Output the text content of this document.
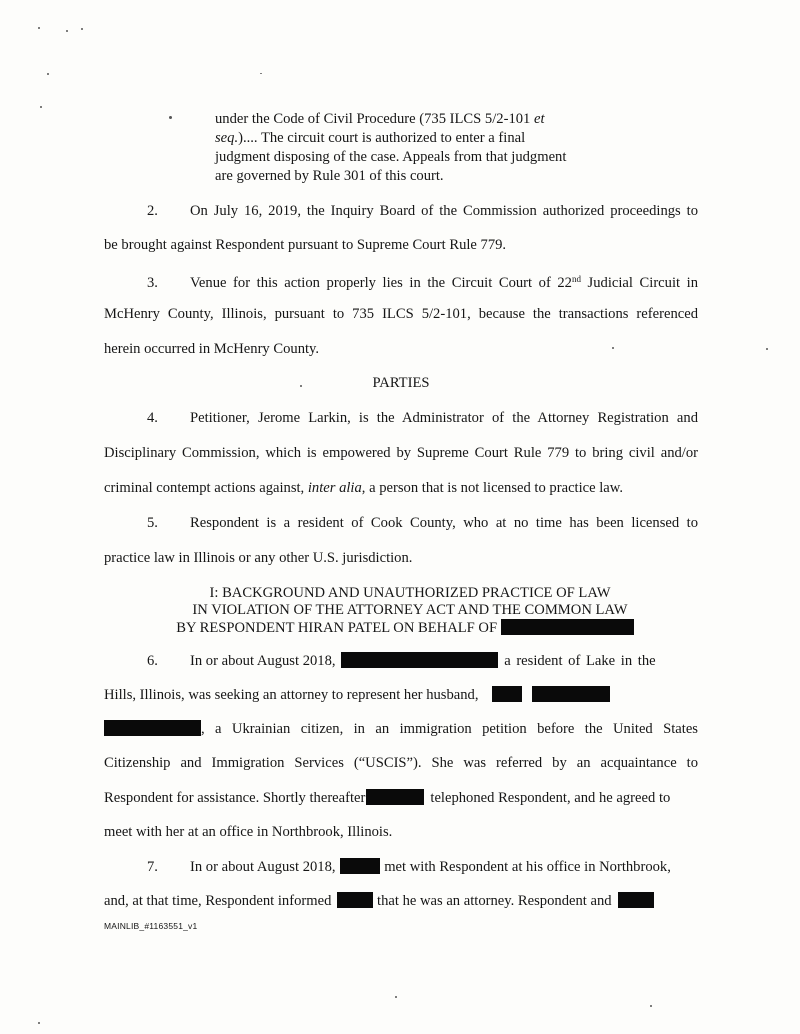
under the Code of Civil Procedure (735 ILCS 5/2-101 et

seq.).... The circuit court is authorized to enter a final

judgment disposing of the case. Appeals from that judgment

are governed by Rule 301 of this court.

2. On July 16, 2019, the Inquiry Board of the Commission authorized proceedings to
be brought against Respondent pursuant to Supreme Court Rule 779.
3. Venue for this action properly lies in the Circuit Court of 22nd Judicial Circuit in
McHenry County, Illinois, pursuant to 735 ILCS 5/2-101, because the transactions referenced
herein occurred in McHenry County.
PARTIES
4. Petitioner, Jerome Larkin, is the Administrator of the Attorney Registration and
Disciplinary Commission, which is empowered by Supreme Court Rule 779 to bring civil and/or
criminal contempt actions against, inter alia, a person that is not licensed to practice law.
5. Respondent is a resident of Cook County, who at no time has been licensed to
practice law in Illinois or any other U.S. jurisdiction.
I: BACKGROUND AND UNAUTHORIZED PRACTICE OF LAW
IN VIOLATION OF THE ATTORNEY ACT AND THE COMMON LAW
BY RESPONDENT HIRAN PATEL ON BEHALF OF
6. In or about August 2018,	a resident of Lake in the
Hills, Illinois, was seeking an attorney to represent her husband,
, a Ukrainian citizen, in an immigration petition before the United States
Citizenship and Immigration Services (“USCIS”). She was referred by an acquaintance to
Respondent for assistance. Shortly thereafter	telephoned Respondent, and he agreed to
meet with her at an office in Northbrook, Illinois.
7. In or about August 2018,	met with Respondent at his office in Northbrook,
and, at that time, Respondent informed	that he was an attorney. Respondent and
MAINLIB_#1163551_v1
